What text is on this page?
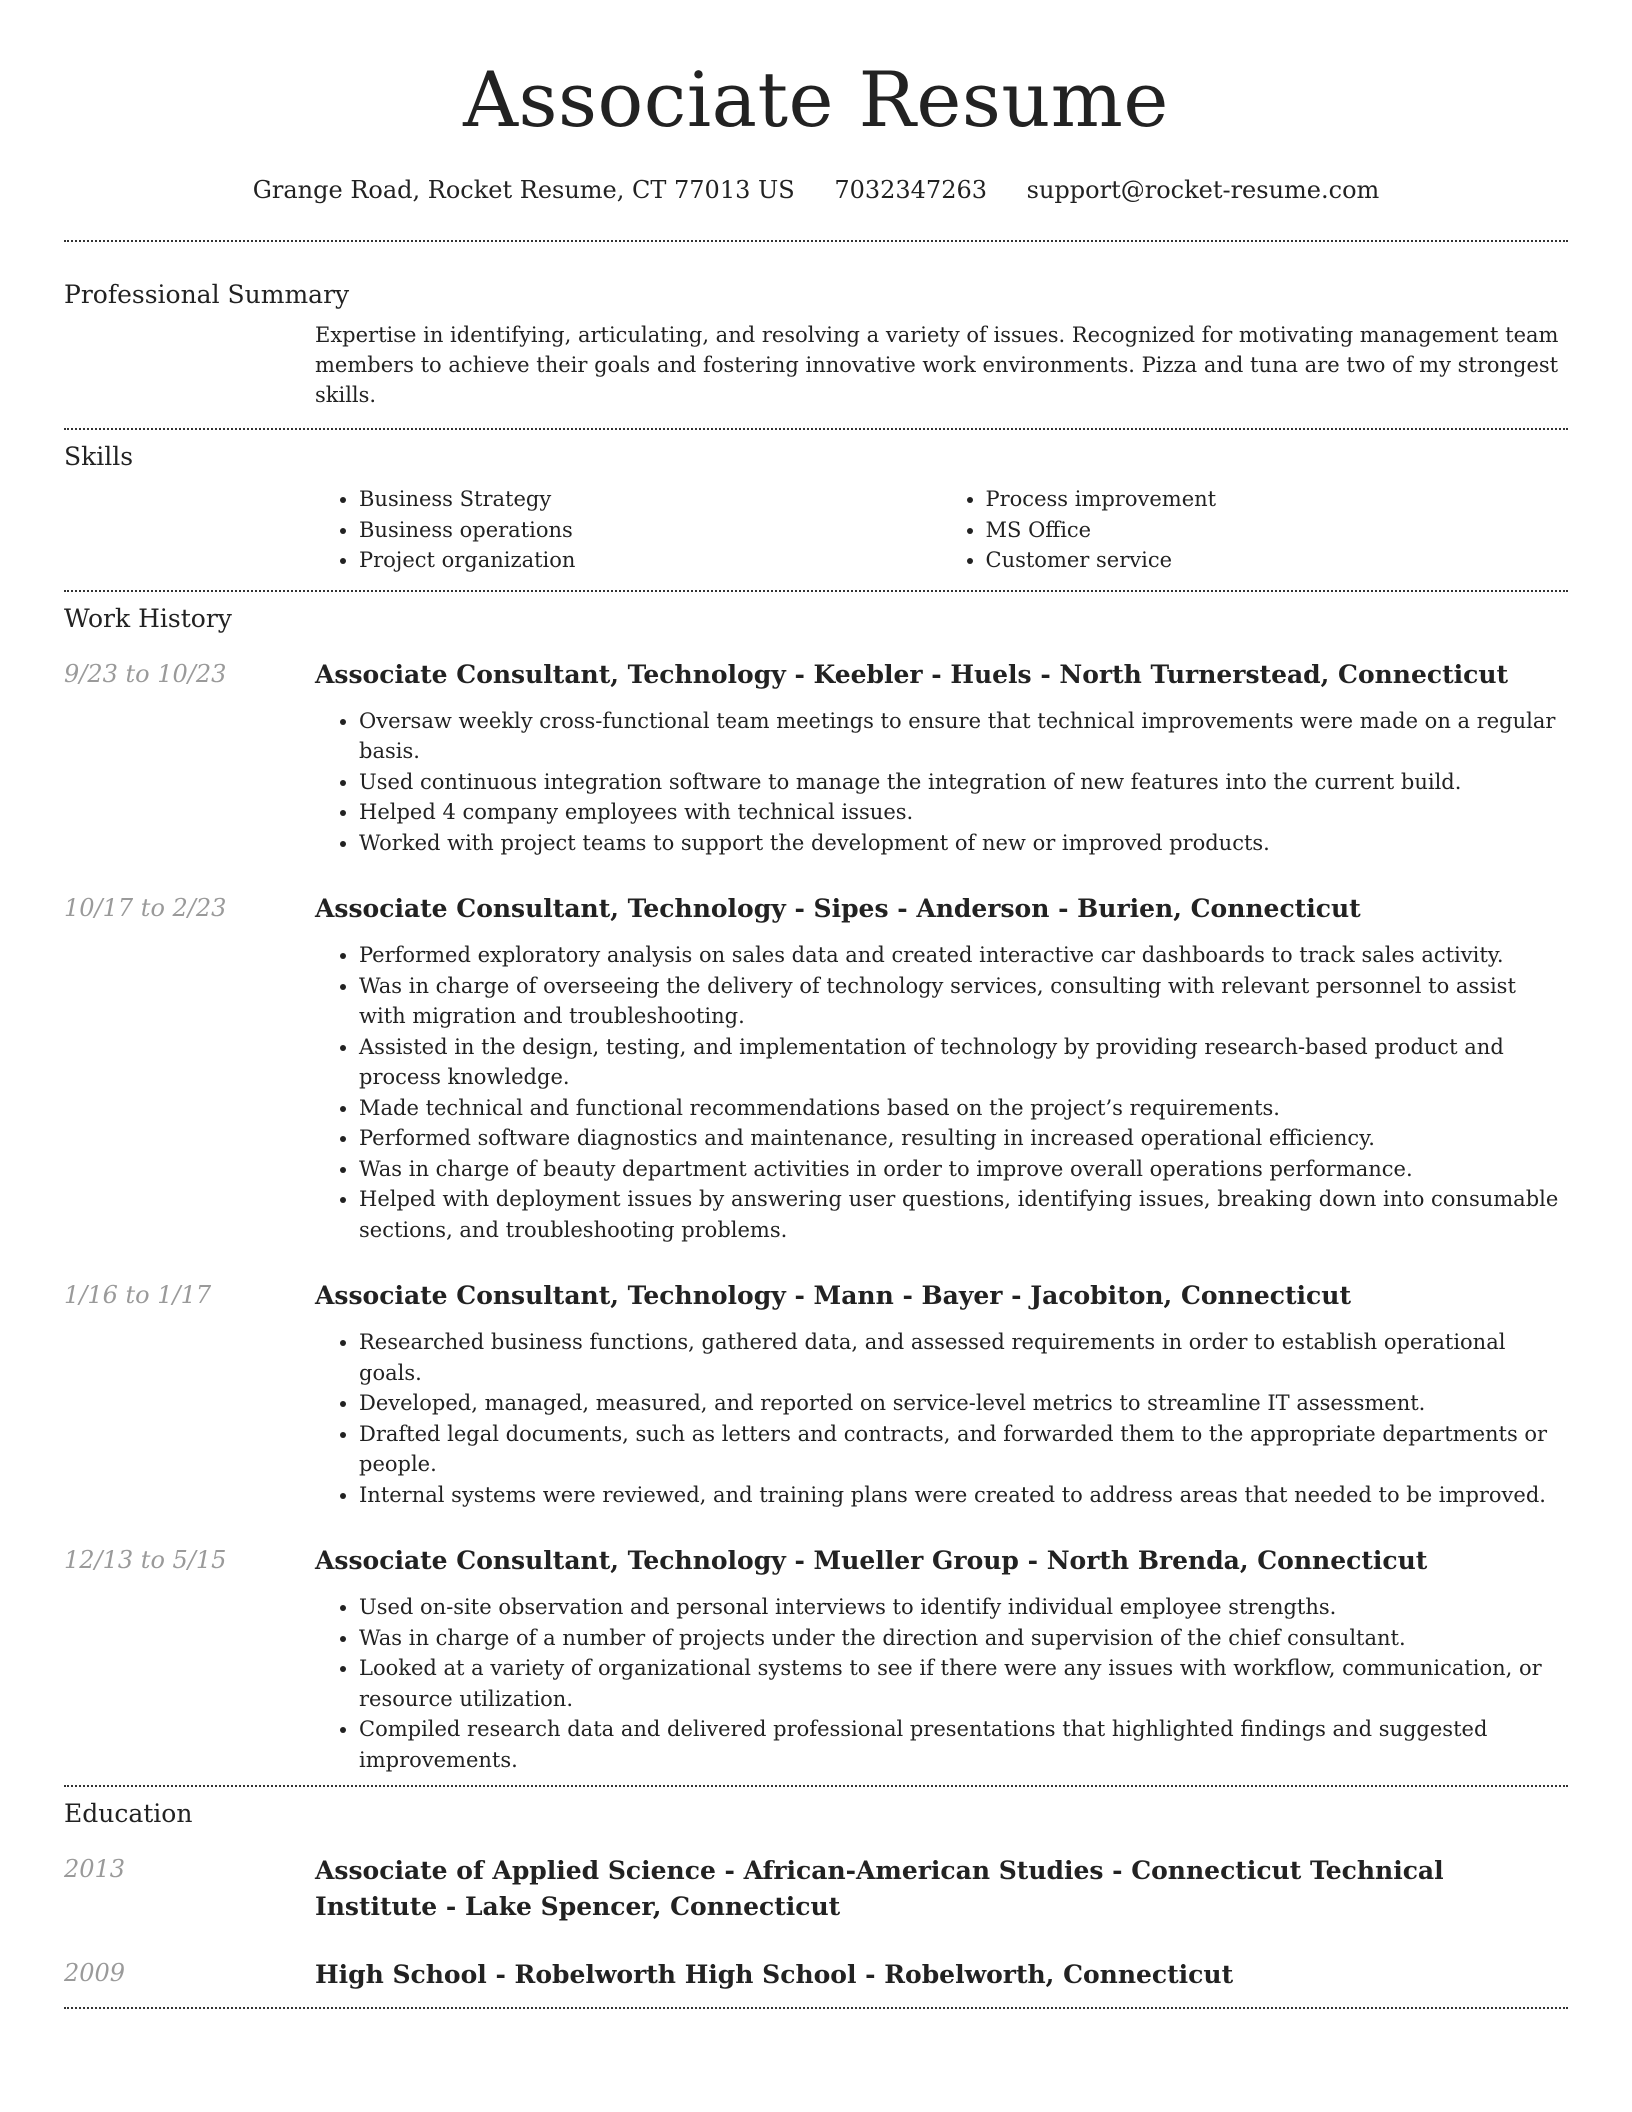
Associate Resume
Grange Road, Rocket Resume, CT 77013 US 7032347263 support@rocket-resume.com
Professional Summary

Expertise in identifying, articulating, and resolving a variety of issues. Recognized for motivating management team members to achieve their goals and fostering innovative work environments. Pizza and tuna are two of my strongest skills.

Skills
• Business Strategy
• Business operations
• Project organization
• Process improvement
• MS Office
• Customer service
Work History
9/23 to 10/23	Associate Consultant, Technology - Keebler - Huels - North Turnerstead, Connecticut
• Oversaw weekly cross-functional team meetings to ensure that technical improvements were made on a regular basis.
• Used continuous integration software to manage the integration of new features into the current build.
• Helped 4 company employees with technical issues.
• Worked with project teams to support the development of new or improved products.
10/17 to 2/23	Associate Consultant, Technology - Sipes - Anderson - Burien, Connecticut
• Performed exploratory analysis on sales data and created interactive car dashboards to track sales activity.
• Was in charge of overseeing the delivery of technology services, consulting with relevant personnel to assist with migration and troubleshooting.
• Assisted in the design, testing, and implementation of technology by providing research-based product and process knowledge.
• Made technical and functional recommendations based on the project’s requirements.
• Performed software diagnostics and maintenance, resulting in increased operational efficiency.
• Was in charge of beauty department activities in order to improve overall operations performance.
• Helped with deployment issues by answering user questions, identifying issues, breaking down into consumable sections, and troubleshooting problems.
1/16 to 1/17	Associate Consultant, Technology - Mann - Bayer - Jacobiton, Connecticut
• Researched business functions, gathered data, and assessed requirements in order to establish operational goals.
• Developed, managed, measured, and reported on service-level metrics to streamline IT assessment.
• Drafted legal documents, such as letters and contracts, and forwarded them to the appropriate departments or people.
• Internal systems were reviewed, and training plans were created to address areas that needed to be improved.
12/13 to 5/15	Associate Consultant, Technology - Mueller Group - North Brenda, Connecticut
• Used on-site observation and personal interviews to identify individual employee strengths.
• Was in charge of a number of projects under the direction and supervision of the chief consultant.
• Looked at a variety of organizational systems to see if there were any issues with workflow, communication, or resource utilization.
• Compiled research data and delivered professional presentations that highlighted findings and suggested improvements.
Education
2013	Associate of Applied Science - African-American Studies - Connecticut Technical Institute - Lake Spencer, Connecticut
2009	High School - Robelworth High School - Robelworth, Connecticut
